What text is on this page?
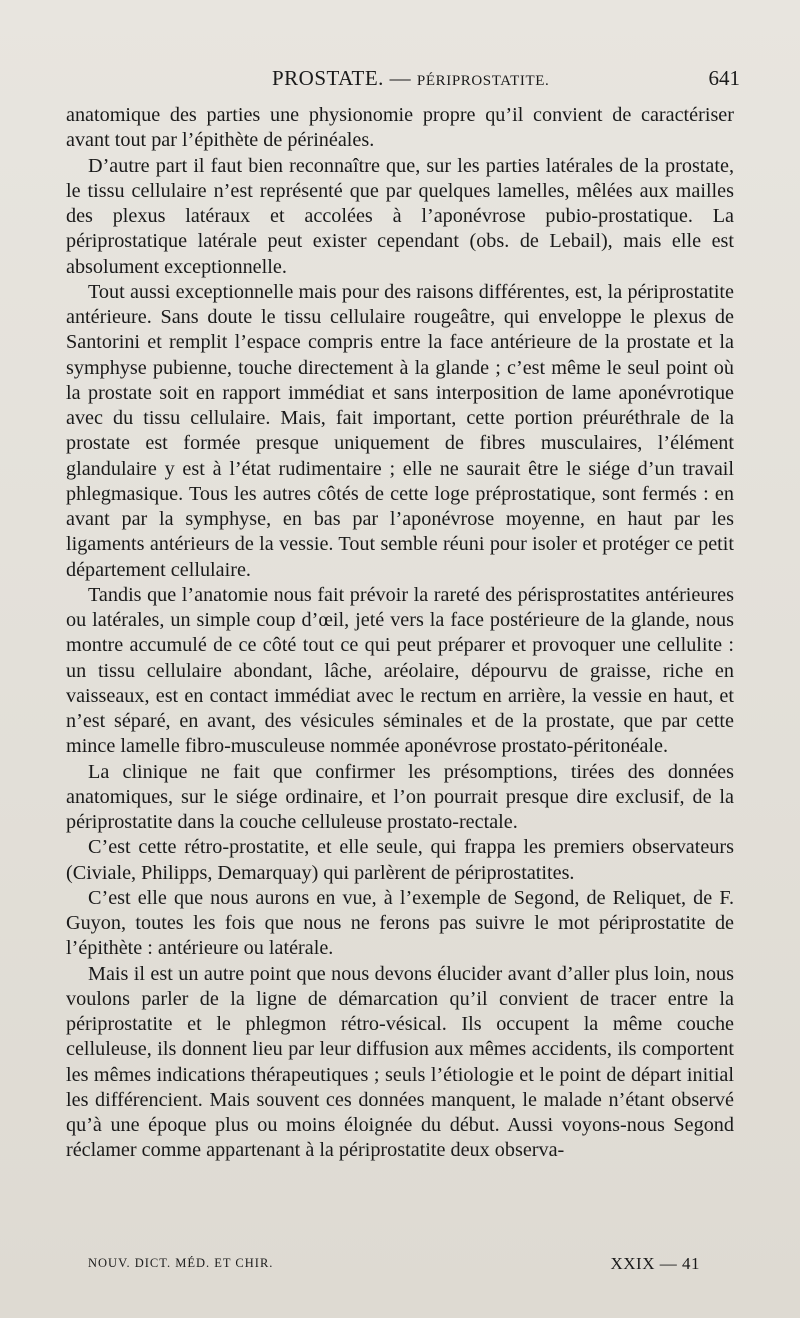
PROSTATE. — PÉRIPROSTATITE.	641

anatomique des parties une physionomie propre qu’il convient de caractériser avant tout par l’épithète de périnéales.

D’autre part il faut bien reconnaître que, sur les parties latérales de la prostate, le tissu cellulaire n’est représenté que par quelques lamelles, mêlées aux mailles des plexus latéraux et accolées à l’aponévrose pubio-prostatique. La périprostatique latérale peut exister cependant (obs. de Lebail), mais elle est absolument exceptionnelle.

Tout aussi exceptionnelle mais pour des raisons différentes, est, la périprostatite antérieure. Sans doute le tissu cellulaire rougeâtre, qui enveloppe le plexus de Santorini et remplit l’espace compris entre la face antérieure de la prostate et la symphyse pubienne, touche directement à la glande ; c’est même le seul point où la prostate soit en rapport immédiat et sans interposition de lame aponévrotique avec du tissu cellulaire. Mais, fait important, cette portion préuréthrale de la prostate est formée presque uniquement de fibres musculaires, l’élément glandulaire y est à l’état rudimentaire ; elle ne saurait être le siége d’un travail phlegmasique. Tous les autres côtés de cette loge préprostatique, sont fermés : en avant par la symphyse, en bas par l’aponévrose moyenne, en haut par les ligaments antérieurs de la vessie. Tout semble réuni pour isoler et protéger ce petit département cellulaire.

Tandis que l’anatomie nous fait prévoir la rareté des périsprostatites antérieures ou latérales, un simple coup d’œil, jeté vers la face postérieure de la glande, nous montre accumulé de ce côté tout ce qui peut préparer et provoquer une cellulite : un tissu cellulaire abondant, lâche, aréolaire, dépourvu de graisse, riche en vaisseaux, est en contact immédiat avec le rectum en arrière, la vessie en haut, et n’est séparé, en avant, des vésicules séminales et de la prostate, que par cette mince lamelle fibro-musculeuse nommée aponévrose prostato-péritonéale.

La clinique ne fait que confirmer les présomptions, tirées des données anatomiques, sur le siége ordinaire, et l’on pourrait presque dire exclusif, de la périprostatite dans la couche celluleuse prostato-rectale.

C’est cette rétro-prostatite, et elle seule, qui frappa les premiers observateurs (Civiale, Philipps, Demarquay) qui parlèrent de périprostatites.

C’est elle que nous aurons en vue, à l’exemple de Segond, de Reliquet, de F. Guyon, toutes les fois que nous ne ferons pas suivre le mot périprostatite de l’épithète : antérieure ou latérale.

Mais il est un autre point que nous devons élucider avant d’aller plus loin, nous voulons parler de la ligne de démarcation qu’il convient de tracer entre la périprostatite et le phlegmon rétro-vésical. Ils occupent la même couche celluleuse, ils donnent lieu par leur diffusion aux mêmes accidents, ils comportent les mêmes indications thérapeutiques ; seuls l’étiologie et le point de départ initial les différencient. Mais souvent ces données manquent, le malade n’étant observé qu’à une époque plus ou moins éloignée du début. Aussi voyons-nous Segond réclamer comme appartenant à la périprostatite deux observa-

NOUV. DICT. MÉD. ET CHIR.	XXIX — 41
